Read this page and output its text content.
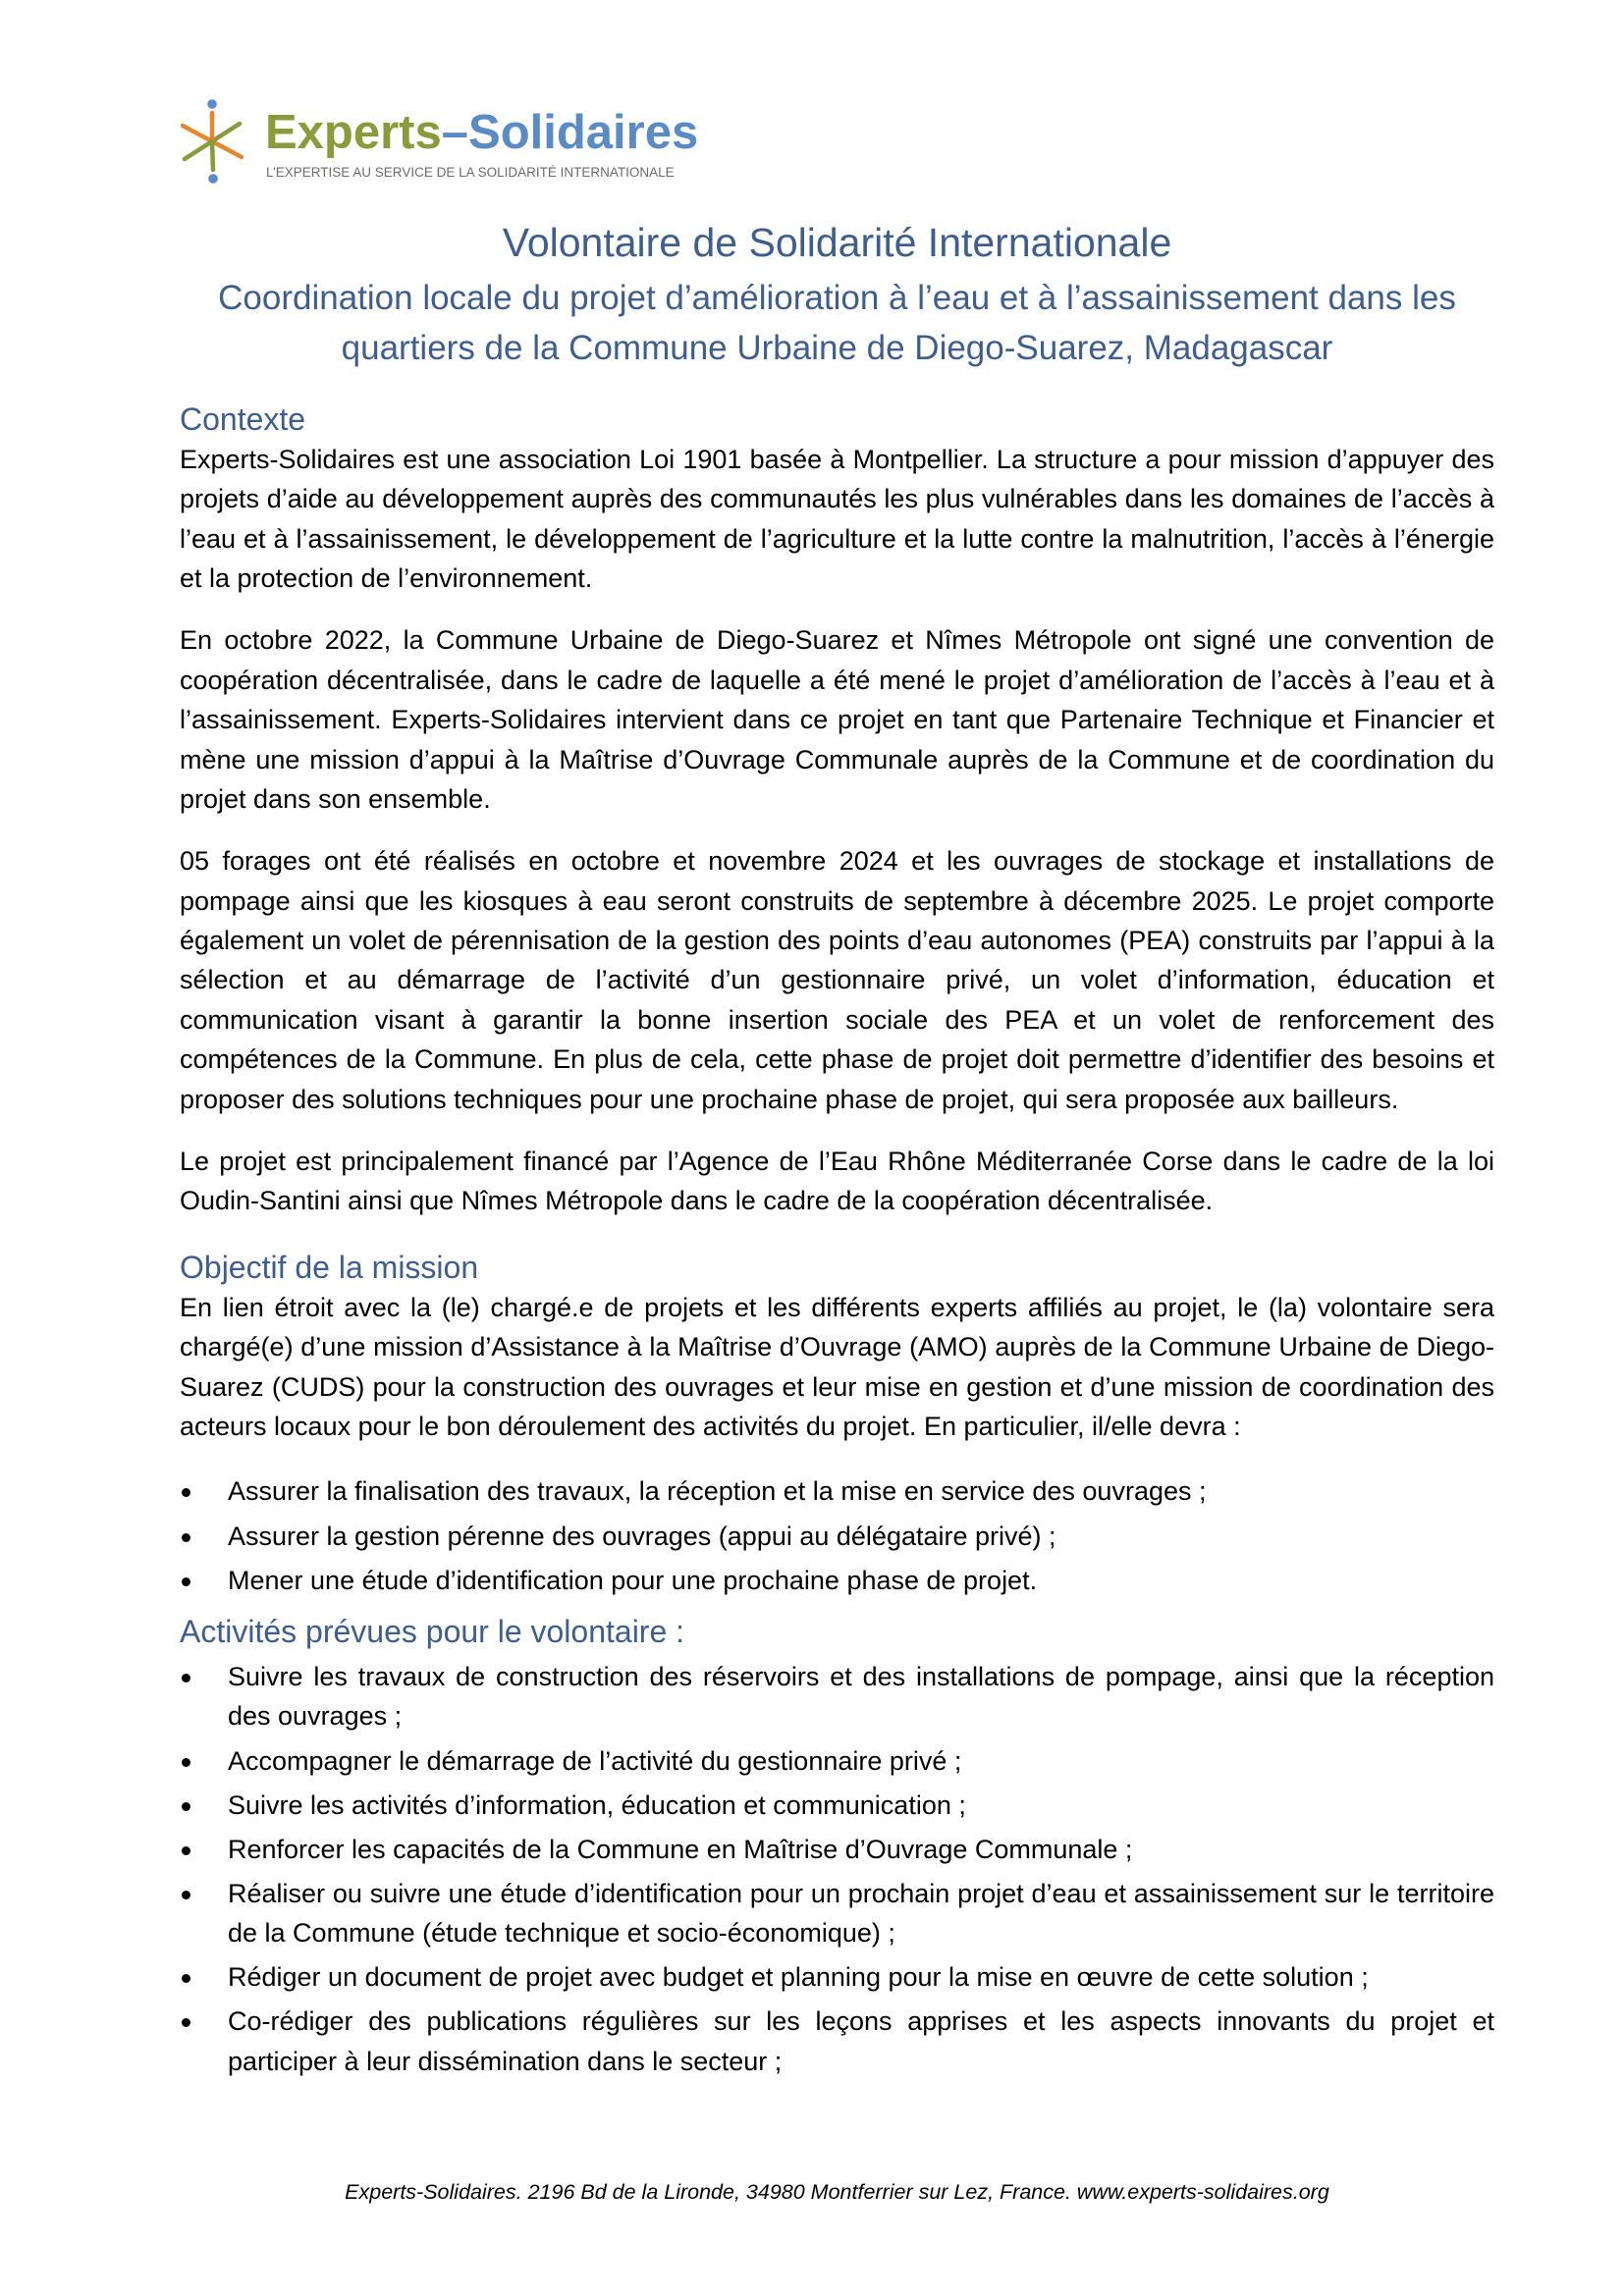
Experts–Solidaires
L’EXPERTISE AU SERVICE DE LA SOLIDARITÉ INTERNATIONALE
Volontaire de Solidarité Internationale
Coordination locale du projet d’amélioration à l’eau et à l’assainissement dans les quartiers de la Commune Urbaine de Diego-Suarez, Madagascar
Contexte

Experts-Solidaires est une association Loi 1901 basée à Montpellier. La structure a pour mission d’appuyer des projets d’aide au développement auprès des communautés les plus vulnérables dans les domaines de l’accès à l’eau et à l’assainissement, le développement de l’agriculture et la lutte contre la malnutrition, l’accès à l’énergie et la protection de l’environnement.

En octobre 2022, la Commune Urbaine de Diego-Suarez et Nîmes Métropole ont signé une convention de coopération décentralisée, dans le cadre de laquelle a été mené le projet d’amélioration de l’accès à l’eau et à l’assainissement. Experts-Solidaires intervient dans ce projet en tant que Partenaire Technique et Financier et mène une mission d’appui à la Maîtrise d’Ouvrage Communale auprès de la Commune et de coordination du projet dans son ensemble.

05 forages ont été réalisés en octobre et novembre 2024 et les ouvrages de stockage et installations de pompage ainsi que les kiosques à eau seront construits de septembre à décembre 2025. Le projet comporte également un volet de pérennisation de la gestion des points d’eau autonomes (PEA) construits par l’appui à la sélection et au démarrage de l’activité d’un gestionnaire privé, un volet d’information, éducation et communication visant à garantir la bonne insertion sociale des PEA et un volet de renforcement des compétences de la Commune. En plus de cela, cette phase de projet doit permettre d’identifier des besoins et proposer des solutions techniques pour une prochaine phase de projet, qui sera proposée aux bailleurs.

Le projet est principalement financé par l’Agence de l’Eau Rhône Méditerranée Corse dans le cadre de la loi Oudin-Santini ainsi que Nîmes Métropole dans le cadre de la coopération décentralisée.

Objectif de la mission

En lien étroit avec la (le) chargé.e de projets et les différents experts affiliés au projet, le (la) volontaire sera chargé(e) d’une mission d’Assistance à la Maîtrise d’Ouvrage (AMO) auprès de la Commune Urbaine de Diego-Suarez (CUDS) pour la construction des ouvrages et leur mise en gestion et d’une mission de coordination des acteurs locaux pour le bon déroulement des activités du projet. En particulier, il/elle devra :

Assurer la finalisation des travaux, la réception et la mise en service des ouvrages ;
Assurer la gestion pérenne des ouvrages (appui au délégataire privé) ;
Mener une étude d’identification pour une prochaine phase de projet.
Activités prévues pour le volontaire :
Suivre les travaux de construction des réservoirs et des installations de pompage, ainsi que la réception des ouvrages ;
Accompagner le démarrage de l’activité du gestionnaire privé ;
Suivre les activités d’information, éducation et communication ;
Renforcer les capacités de la Commune en Maîtrise d’Ouvrage Communale ;
Réaliser ou suivre une étude d’identification pour un prochain projet d’eau et assainissement sur le territoire de la Commune (étude technique et socio-économique) ;
Rédiger un document de projet avec budget et planning pour la mise en œuvre de cette solution ;
Co-rédiger des publications régulières sur les leçons apprises et les aspects innovants du projet et participer à leur dissémination dans le secteur ;
Experts-Solidaires. 2196 Bd de la Lironde, 34980 Montferrier sur Lez, France. www.experts-solidaires.org
